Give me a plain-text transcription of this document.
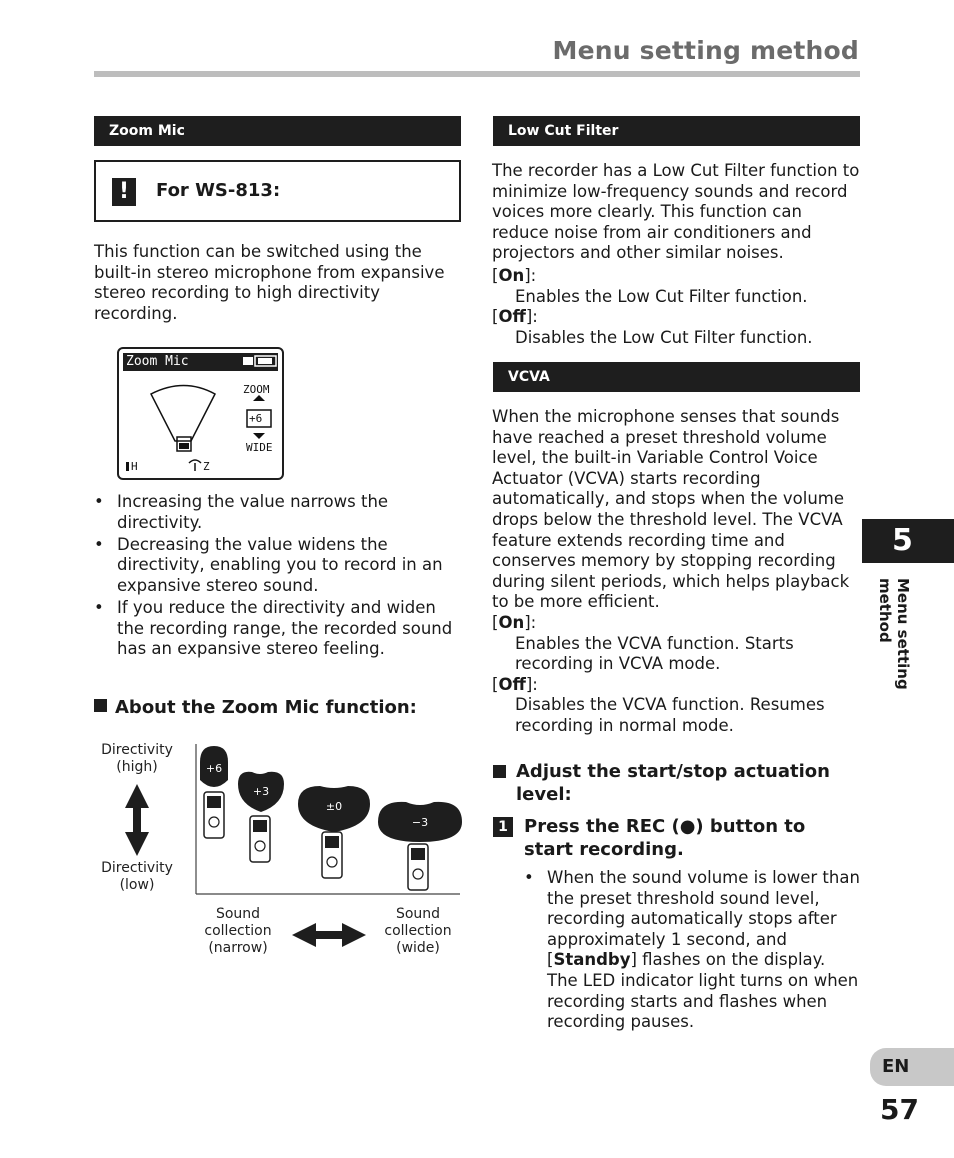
Menu setting method
Zoom Mic
!	For WS-813:
This function can be switched using the built-in stereo microphone from expansive stereo recording to high directivity recording.
Zoom Mic
ZOOM
+6
WIDE
H	Z
• Increasing the value narrows the directivity.
• Decreasing the value widens the directivity, enabling you to record in an expansive stereo sound.
• If you reduce the directivity and widen the recording range, the recorded sound has an expansive stereo feeling.
About the Zoom Mic function:
Directivity
(high)
Directivity
(low)
Sound
collection
(narrow)
Sound
collection
(wide)
+6
+3
±0
−3
Low Cut Filter
The recorder has a Low Cut Filter function to minimize low-frequency sounds and record voices more clearly. This function can reduce noise from air conditioners and projectors and other similar noises.
[On]:
Enables the Low Cut Filter function.
[Off]:
Disables the Low Cut Filter function.
VCVA
When the microphone senses that sounds have reached a preset threshold volume level, the built-in Variable Control Voice Actuator (VCVA) starts recording automatically, and stops when the volume drops below the threshold level. The VCVA feature extends recording time and conserves memory by stopping recording during silent periods, which helps playback to be more efficient.
[On]:
Enables the VCVA function. Starts recording in VCVA mode.
[Off]:
Disables the VCVA function. Resumes recording in normal mode.
Adjust the start/stop actuation level:
1 Press the REC (●) button to start recording.
• When the sound volume is lower than the preset threshold sound level, recording automatically stops after approximately 1 second, and [Standby] flashes on the display. The LED indicator light turns on when recording starts and flashes when recording pauses.
5
Menu setting method
EN
57
